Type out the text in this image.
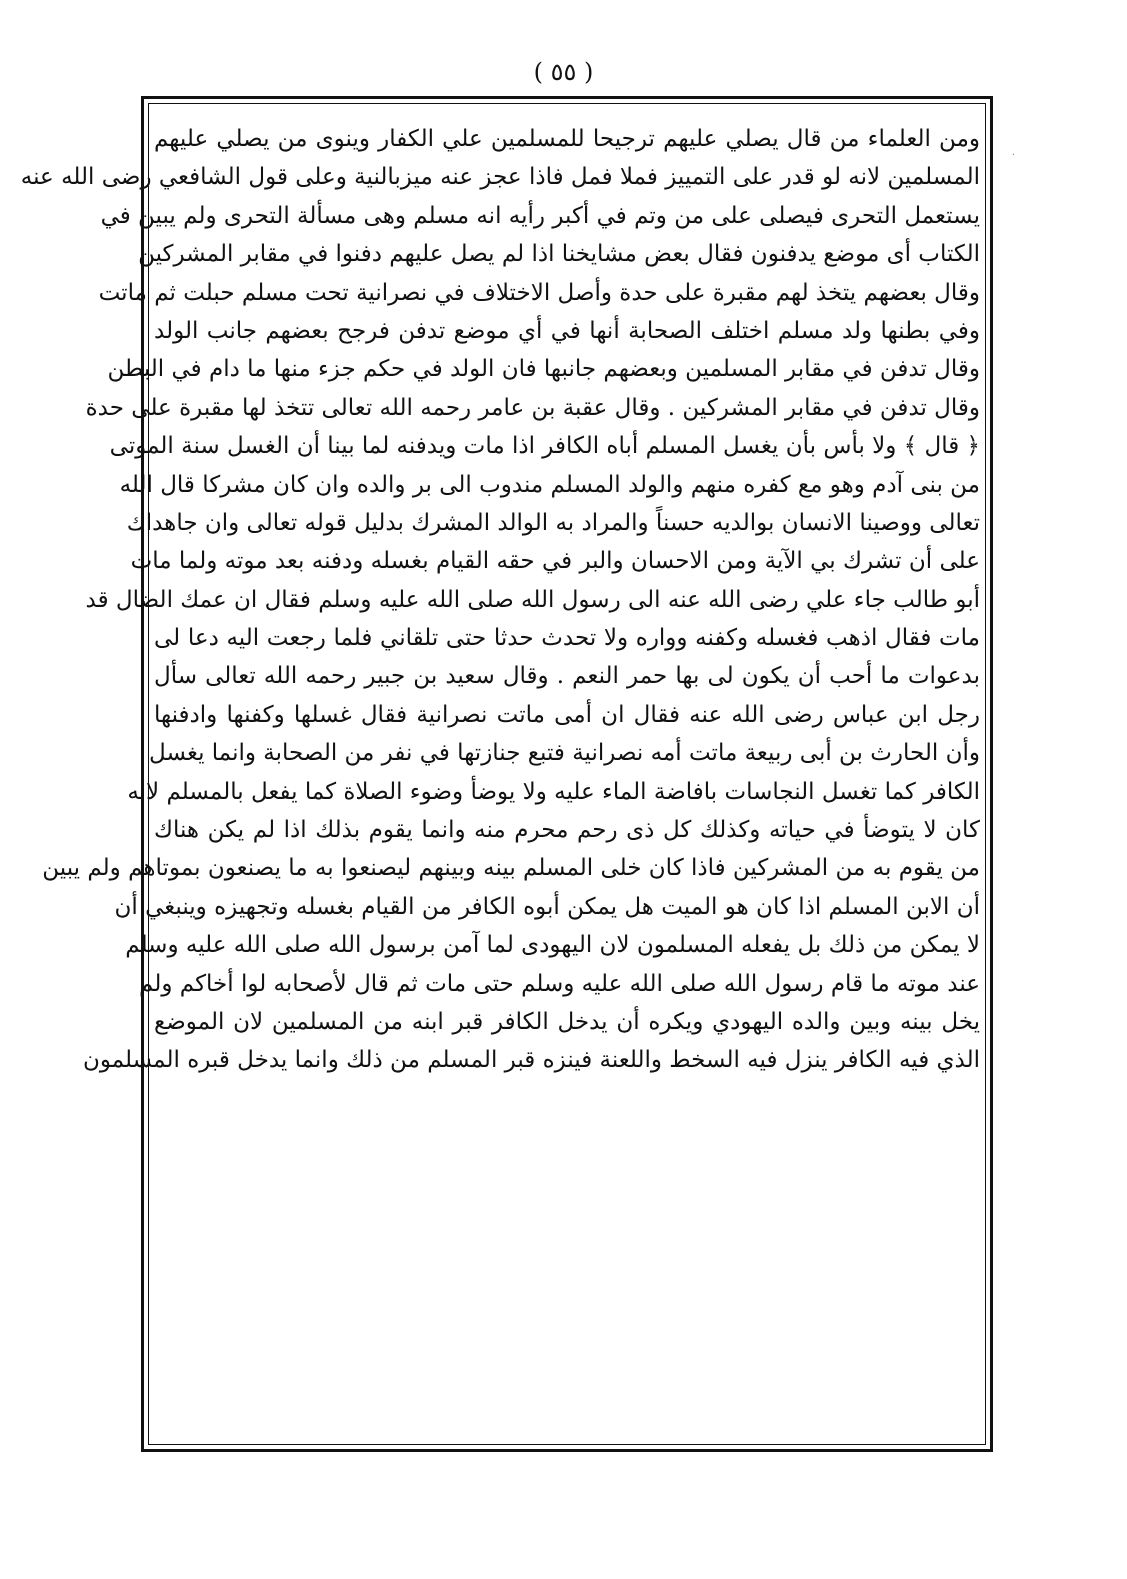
( ٥٥ )
·
ومن العلماء من قال يصلي عليهم ترجيحا للمسلمين علي الكفار وينوى من يصلي عليهم
المسلمين لانه لو قدر على التمييز فملا فمل فاذا عجز عنه ميزبالنية وعلى قول الشافعي رضى الله عنه
يستعمل التحرى فيصلى على من وتم في أكبر رأيه انه مسلم وهى مسألة التحرى ولم يبين في
الكتاب أى موضع يدفنون فقال بعض مشايخنا اذا لم يصل عليهم دفنوا في مقابر المشركين
وقال بعضهم يتخذ لهم مقبرة على حدة وأصل الاختلاف في نصرانية تحت مسلم حبلت ثم ماتت
وفي بطنها ولد مسلم اختلف الصحابة أنها في أي موضع تدفن فرجح بعضهم جانب الولد
وقال تدفن في مقابر المسلمين وبعضهم جانبها فان الولد في حكم جزء منها ما دام في البطن
وقال تدفن في مقابر المشركين . وقال عقبة بن عامر رحمه الله تعالى تتخذ لها مقبرة على حدة
﴿ قال ﴾ ولا بأس بأن يغسل المسلم أباه الكافر اذا مات ويدفنه لما بينا أن الغسل سنة الموتى
من بنى آدم وهو مع كفره منهم والولد المسلم مندوب الى بر والده وان كان مشركا قال الله
تعالى ووصينا الانسان بوالديه حسناً والمراد به الوالد المشرك بدليل قوله تعالى وان جاهداك
على أن تشرك بي الآية ومن الاحسان والبر في حقه القيام بغسله ودفنه بعد موته ولما مات
أبو طالب جاء علي رضى الله عنه الى رسول الله صلى الله عليه وسلم فقال ان عمك الضال قد
مات فقال اذهب فغسله وكفنه وواره ولا تحدث حدثا حتى تلقاني فلما رجعت اليه دعا لى
بدعوات ما أحب أن يكون لى بها حمر النعم . وقال سعيد بن جبير رحمه الله تعالى سأل
رجل ابن عباس رضى الله عنه فقال ان أمى ماتت نصرانية فقال غسلها وكفنها وادفنها
وأن الحارث بن أبى ربيعة ماتت أمه نصرانية فتبع جنازتها في نفر من الصحابة وانما يغسل
الكافر كما تغسل النجاسات بافاضة الماء عليه ولا يوضأ وضوء الصلاة كما يفعل بالمسلم لانه
كان لا يتوضأ في حياته وكذلك كل ذى رحم محرم منه وانما يقوم بذلك اذا لم يكن هناك
من يقوم به من المشركين فاذا كان خلى المسلم بينه وبينهم ليصنعوا به ما يصنعون بموتاهم ولم يبين
أن الابن المسلم اذا كان هو الميت هل يمكن أبوه الكافر من القيام بغسله وتجهيزه وينبغي أن
لا يمكن من ذلك بل يفعله المسلمون لان اليهودى لما آمن برسول الله صلى الله عليه وسلم
عند موته ما قام رسول الله صلى الله عليه وسلم حتى مات ثم قال لأصحابه لوا أخاكم ولم
يخل بينه وبين والده اليهودي ويكره أن يدخل الكافر قبر ابنه من المسلمين لان الموضع
الذي فيه الكافر ينزل فيه السخط واللعنة فينزه قبر المسلم من ذلك وانما يدخل قبره المسلمون
